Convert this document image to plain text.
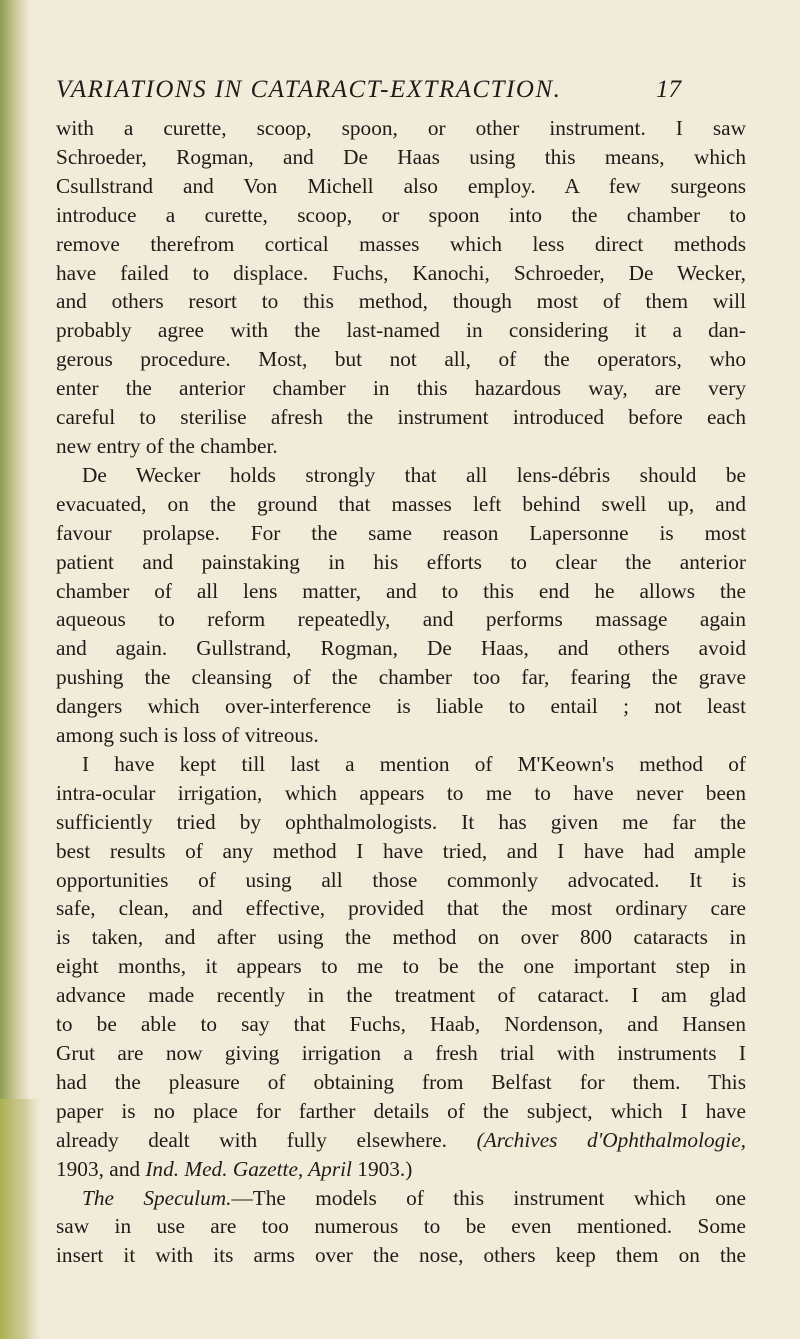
VARIATIONS IN CATARACT-EXTRACTION.	17
with a curette, scoop, spoon, or other instrument. I saw
Schroeder, Rogman, and De Haas using this means, which
Csullstrand and Von Michell also employ. A few surgeons
introduce a curette, scoop, or spoon into the chamber to
remove therefrom cortical masses which less direct methods
have failed to displace. Fuchs, Kanochi, Schroeder, De Wecker,
and others resort to this method, though most of them will
probably agree with the last-named in considering it a dan-
gerous procedure. Most, but not all, of the operators, who
enter the anterior chamber in this hazardous way, are very
careful to sterilise afresh the instrument introduced before each
new entry of the chamber.
De Wecker holds strongly that all lens-débris should be
evacuated, on the ground that masses left behind swell up, and
favour prolapse. For the same reason Lapersonne is most
patient and painstaking in his efforts to clear the anterior
chamber of all lens matter, and to this end he allows the
aqueous to reform repeatedly, and performs massage again
and again. Gullstrand, Rogman, De Haas, and others avoid
pushing the cleansing of the chamber too far, fearing the grave
dangers which over-interference is liable to entail ; not least
among such is loss of vitreous.
I have kept till last a mention of M'Keown's method of
intra-ocular irrigation, which appears to me to have never been
sufficiently tried by ophthalmologists. It has given me far the
best results of any method I have tried, and I have had ample
opportunities of using all those commonly advocated. It is
safe, clean, and effective, provided that the most ordinary care
is taken, and after using the method on over 800 cataracts in
eight months, it appears to me to be the one important step in
advance made recently in the treatment of cataract. I am glad
to be able to say that Fuchs, Haab, Nordenson, and Hansen
Grut are now giving irrigation a fresh trial with instruments I
had the pleasure of obtaining from Belfast for them. This
paper is no place for farther details of the subject, which I have
already dealt with fully elsewhere. (Archives d'Ophthalmologie,
1903, and Ind. Med. Gazette, April 1903.)
The Speculum.—The models of this instrument which one
saw in use are too numerous to be even mentioned. Some
insert it with its arms over the nose, others keep them on the
